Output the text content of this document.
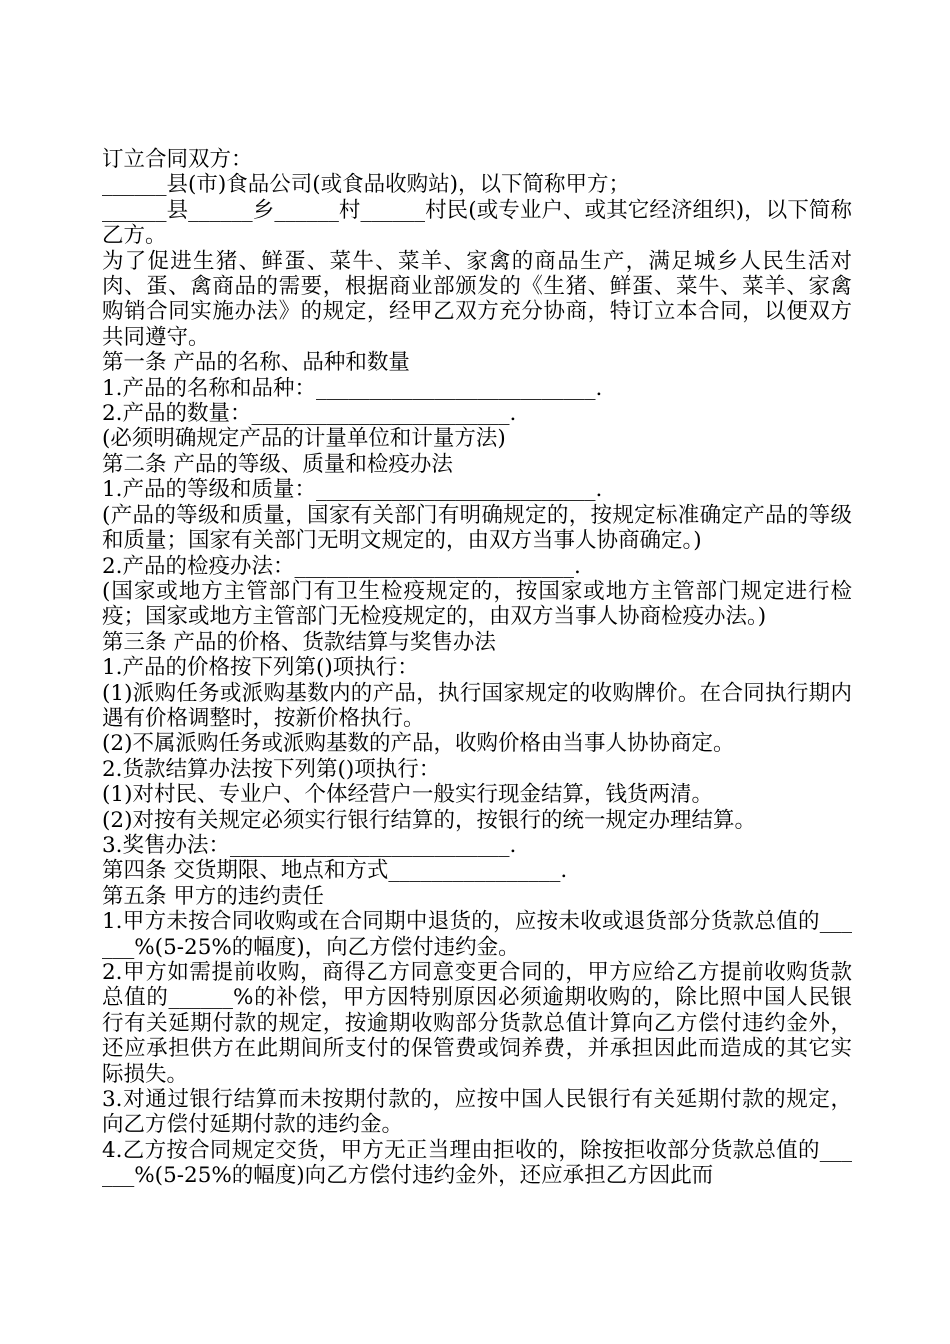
订立合同双方：

______县(市)食品公司(或食品收购站)，以下简称甲方；

______县______乡______村______村民(或专业户、或其它经济组织)，以下简称乙方。

为了促进生猪、鲜蛋、菜牛、菜羊、家禽的商品生产，满足城乡人民生活对肉、蛋、禽商品的需要，根据商业部颁发的《生猪、鲜蛋、菜牛、菜羊、家禽购销合同实施办法》的规定，经甲乙双方充分协商，特订立本合同，以便双方共同遵守。

第一条 产品的名称、品种和数量

1.产品的名称和品种：__________________________.

2.产品的数量：________________________.

(必须明确规定产品的计量单位和计量方法)

第二条 产品的等级、质量和检疫办法

1.产品的等级和质量：__________________________.

(产品的等级和质量，国家有关部门有明确规定的，按规定标准确定产品的等级和质量；国家有关部门无明文规定的，由双方当事人协商确定。)

2.产品的检疫办法：__________________________.

(国家或地方主管部门有卫生检疫规定的，按国家或地方主管部门规定进行检疫；国家或地方主管部门无检疫规定的，由双方当事人协商检疫办法。)

第三条 产品的价格、货款结算与奖售办法

1.产品的价格按下列第()项执行：

(1)派购任务或派购基数内的产品，执行国家规定的收购牌价。在合同执行期内遇有价格调整时，按新价格执行。

(2)不属派购任务或派购基数的产品，收购价格由当事人协协商定。

2.货款结算办法按下列第()项执行：

(1)对村民、专业户、个体经营户一般实行现金结算，钱货两清。

(2)对按有关规定必须实行银行结算的，按银行的统一规定办理结算。

3.奖售办法：__________________________.

第四条 交货期限、地点和方式________________.

第五条 甲方的违约责任

1.甲方未按合同收购或在合同期中退货的，应按未收或退货部分货款总值的______%(5-25%的幅度)，向乙方偿付违约金。

2.甲方如需提前收购，商得乙方同意变更合同的，甲方应给乙方提前收购货款总值的______%的补偿，甲方因特别原因必须逾期收购的，除比照中国人民银行有关延期付款的规定，按逾期收购部分货款总值计算向乙方偿付违约金外，还应承担供方在此期间所支付的保管费或饲养费，并承担因此而造成的其它实际损失。

3.对通过银行结算而未按期付款的，应按中国人民银行有关延期付款的规定，向乙方偿付延期付款的违约金。

4.乙方按合同规定交货，甲方无正当理由拒收的，除按拒收部分货款总值的______%(5-25%的幅度)向乙方偿付违约金外，还应承担乙方因此而
